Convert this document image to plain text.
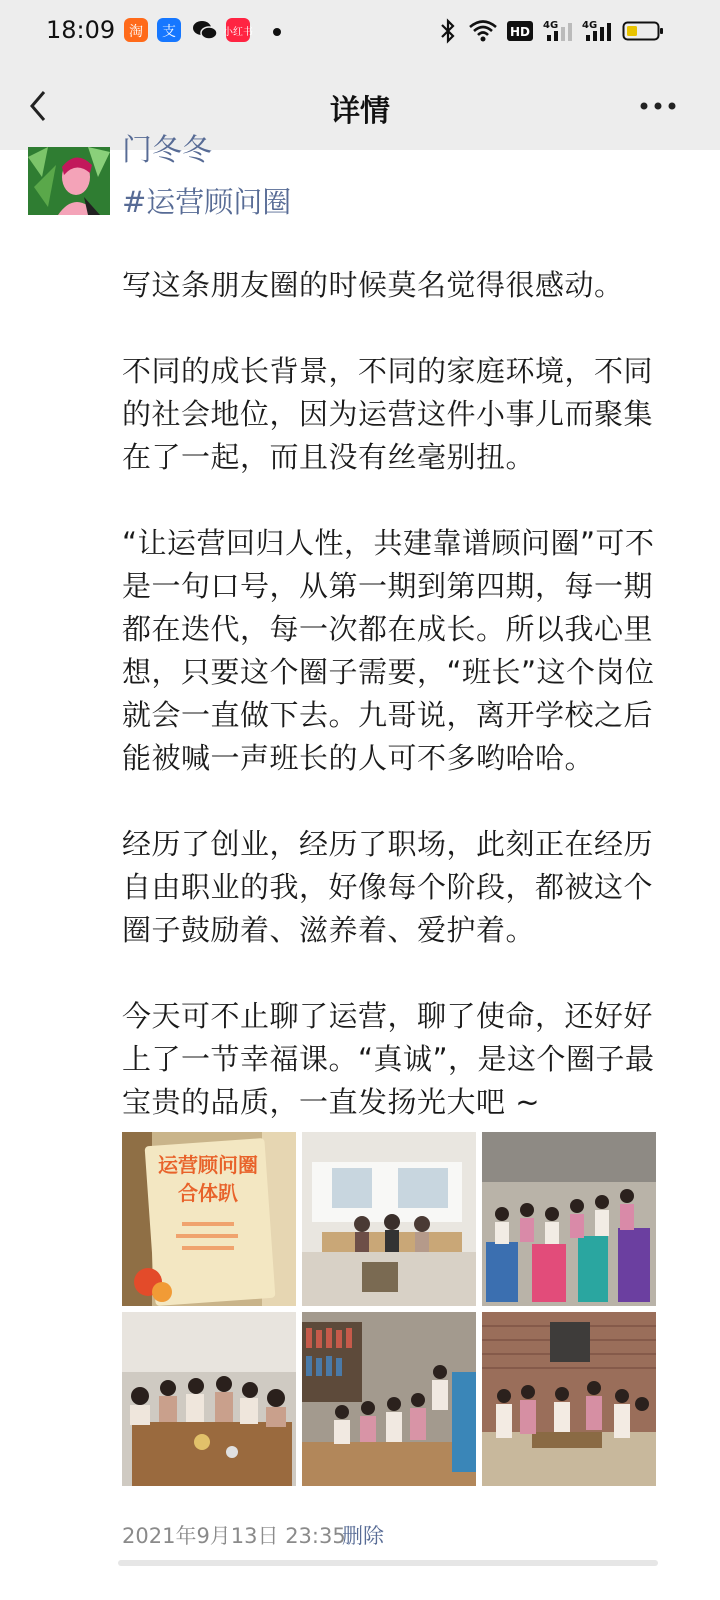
18:09 淘 支	小红书	HD 4G 4G
详情
门冬冬
#运营顾问圈

写这条朋友圈的时候莫名觉得很感动。

不同的成长背景，不同的家庭环境，不同的社会地位，因为运营这件小事儿而聚集在了一起，而且没有丝毫别扭。

“让运营回归人性，共建靠谱顾问圈”可不是一句口号，从第一期到第四期，每一期都在迭代，每一次都在成长。所以我心里想，只要这个圈子需要，“班长”这个岗位就会一直做下去。九哥说，离开学校之后能被喊一声班长的人可不多哟哈哈。

经历了创业，经历了职场，此刻正在经历自由职业的我，好像每个阶段，都被这个圈子鼓励着、滋养着、爱护着。

今天可不止聊了运营，聊了使命，还好好上了一节幸福课。“真诚”，是这个圈子最宝贵的品质，一直发扬光大吧 ~

运营顾问圈
合体趴
2021年9月13日 23:35
删除
